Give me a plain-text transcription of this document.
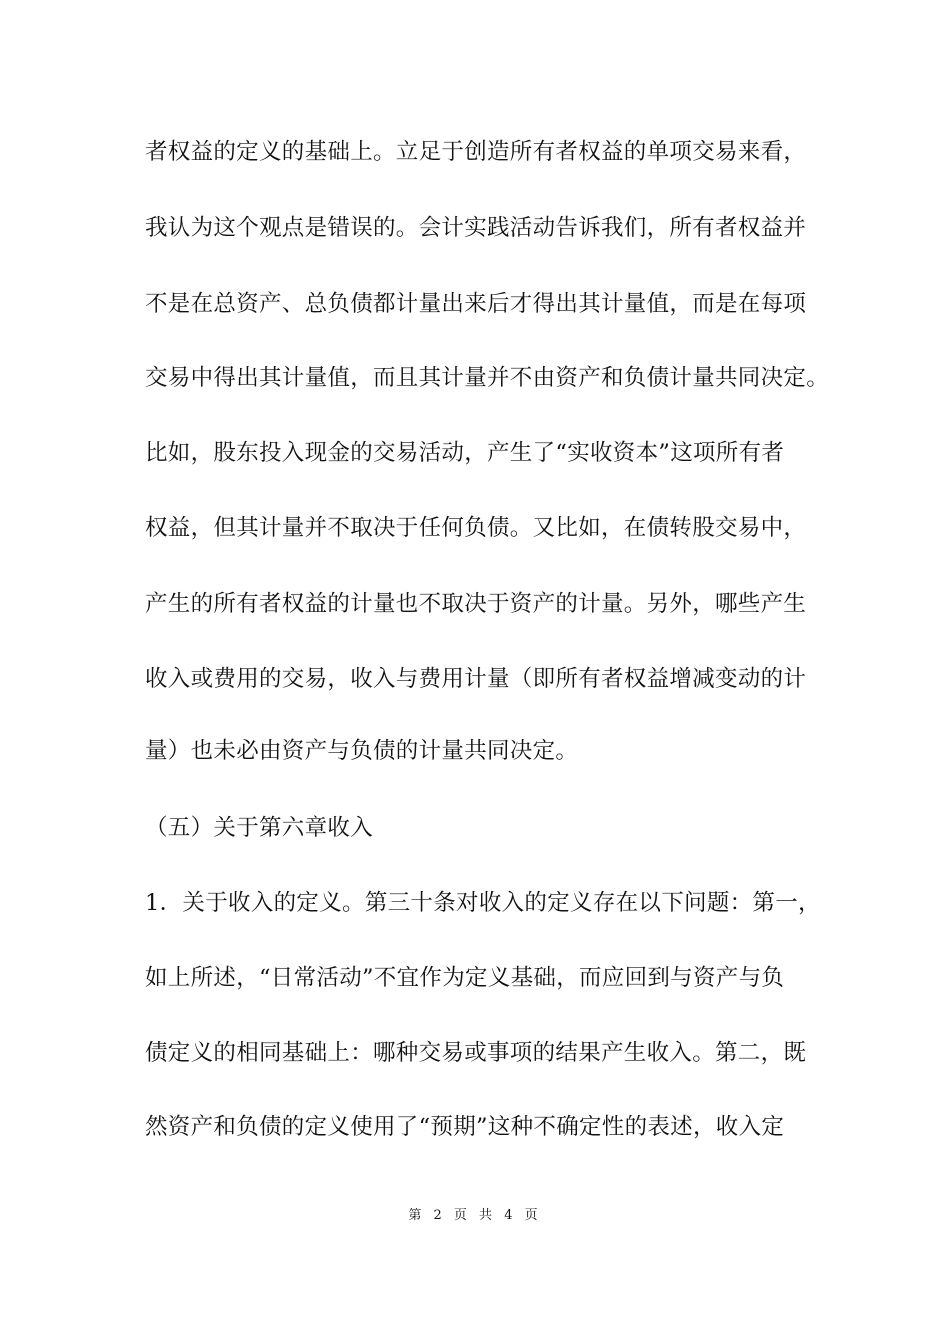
者权益的定义的基础上。立足于创造所有者权益的单项交易来看，
我认为这个观点是错误的。会计实践活动告诉我们，所有者权益并
不是在总资产、总负债都计量出来后才得出其计量值，而是在每项
交易中得出其计量值，而且其计量并不由资产和负债计量共同决定。
比如，股东投入现金的交易活动，产生了“实收资本”这项所有者
权益，但其计量并不取决于任何负债。又比如，在债转股交易中，
产生的所有者权益的计量也不取决于资产的计量。另外，哪些产生
收入或费用的交易，收入与费用计量（即所有者权益增减变动的计
量）也未必由资产与负债的计量共同决定。
（五）关于第六章收入
1．关于收入的定义。第三十条对收入的定义存在以下问题：第一，
如上所述，“日常活动”不宜作为定义基础，而应回到与资产与负
债定义的相同基础上：哪种交易或事项的结果产生收入。第二，既
然资产和负债的定义使用了“预期”这种不确定性的表述，收入定
第 2 页 共 4 页
